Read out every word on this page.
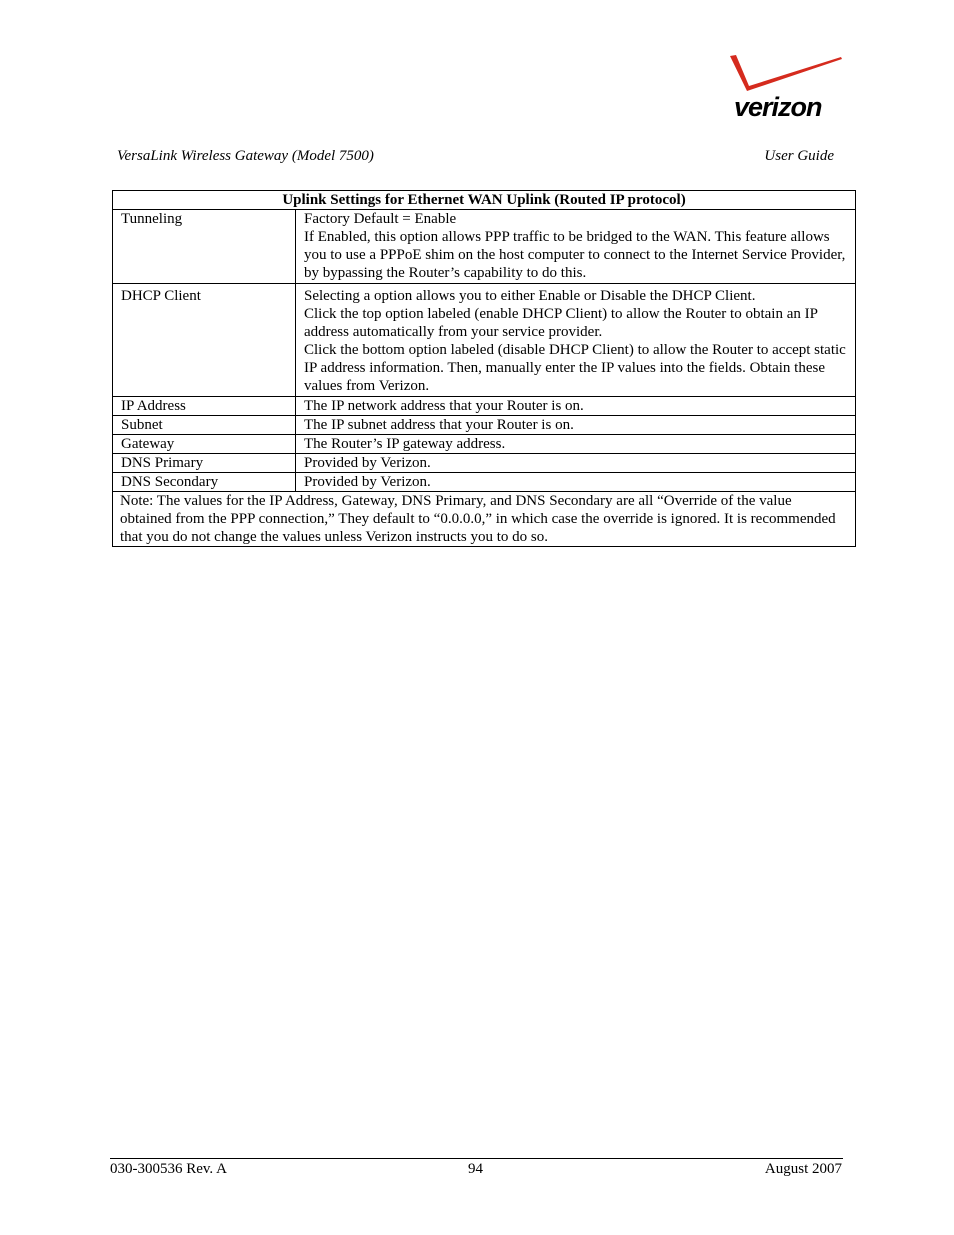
verizon
VersaLink Wireless Gateway (Model 7500)	User Guide
Uplink Settings for Ethernet WAN Uplink (Routed IP protocol)	
Tunneling	Factory Default = Enable
If Enabled, this option allows PPP traffic to be bridged to the WAN. This feature allows you to use a PPPoE shim on the host computer to connect to the Internet Service Provider, by bypassing the Router’s capability to do this.

DHCP Client	Selecting a option allows you to either Enable or Disable the DHCP Client.
Click the top option labeled (enable DHCP Client) to allow the Router to obtain an IP address automatically from your service provider.
Click the bottom option labeled (disable DHCP Client) to allow the Router to accept static IP address information. Then, manually enter the IP values into the fields. Obtain these values from Verizon.

IP Address	The IP network address that your Router is on.
Subnet	The IP subnet address that your Router is on.
Gateway	The Router’s IP gateway address.
DNS Primary	Provided by Verizon.
DNS Secondary	Provided by Verizon.
Note: The values for the IP Address, Gateway, DNS Primary, and DNS Secondary are all “Override of the value obtained from the PPP connection,” They default to “0.0.0.0,” in which case the override is ignored. It is recommended that you do not change the values unless Verizon instructs you to do so.	
030-300536 Rev. A	94	August 2007
